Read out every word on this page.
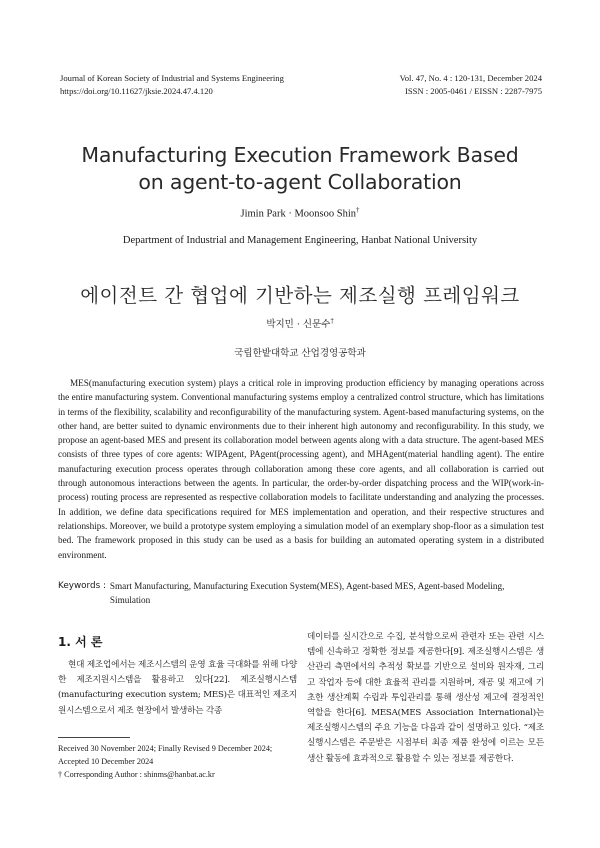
Journal of Korean Society of Industrial and Systems Engineering
https://doi.org/10.11627/jksie.2024.47.4.120
Vol. 47, No. 4 : 120-131, December 2024
ISSN : 2005-0461 / EISSN : 2287-7975
Manufacturing Execution Framework Based
on agent-to-agent Collaboration
Jimin Park · Moonsoo Shin†
Department of Industrial and Management Engineering, Hanbat National University
에이전트 간 협업에 기반하는 제조실행 프레임워크
박지민 · 신문수†
국립한밭대학교 산업경영공학과
MES(manufacturing execution system) plays a critical role in improving production efficiency by managing operations across the entire manufacturing system. Conventional manufacturing systems employ a centralized control structure, which has limitations in terms of the flexibility, scalability and reconfigurability of the manufacturing system. Agent-based manufacturing systems, on the other hand, are better suited to dynamic environments due to their inherent high autonomy and reconfigurability. In this study, we propose an agent-based MES and present its collaboration model between agents along with a data structure. The agent-based MES consists of three types of core agents: WIPAgent, PAgent(processing agent), and MHAgent(material handling agent). The entire manufacturing execution process operates through collaboration among these core agents, and all collaboration is carried out through autonomous interactions between the agents. In particular, the order-by-order dispatching process and the WIP(work-in-process) routing process are represented as respective collaboration models to facilitate understanding and analyzing the processes. In addition, we define data specifications required for MES implementation and operation, and their respective structures and relationships. Moreover, we build a prototype system employing a simulation model of an exemplary shop-floor as a simulation test bed. The framework proposed in this study can be used as a basis for building an automated operating system in a distributed environment.
Keywords : Smart Manufacturing, Manufacturing Execution System(MES), Agent-based MES, Agent-based Modeling, Simulation
1. 서 론
현대 제조업에서는 제조시스템의 운영 효율 극대화를 위해 다양한 제조지원시스템을 활용하고 있다[22]. 제조실행시스템(manufacturing execution system; MES)은 대표적인 제조지원시스템으로서 제조 현장에서 발생하는 각종
Received 30 November 2024; Finally Revised 9 December 2024;
Accepted 10 December 2024
† Corresponding Author : shinms@hanbat.ac.kr
데이터를 실시간으로 수집, 분석함으로써 관련자 또는 관련 시스템에 신속하고 정확한 정보를 제공한다[9]. 제조실행시스템은 생산관리 측면에서의 추적성 확보를 기반으로 설비와 원자재, 그리고 작업자 등에 대한 효율적 관리를 지원하며, 재공 및 재고에 기초한 생산계획 수립과 투입관리를 통해 생산성 제고에 결정적인 역할을 한다[6]. MESA(MES Association International)는 제조실행시스템의 주요 기능을 다음과 같이 설명하고 있다. “제조실행시스템은 주문받은 시점부터 최종 제품 완성에 이르는 모든 생산 활동에 효과적으로 활용할 수 있는 정보를 제공한다.
